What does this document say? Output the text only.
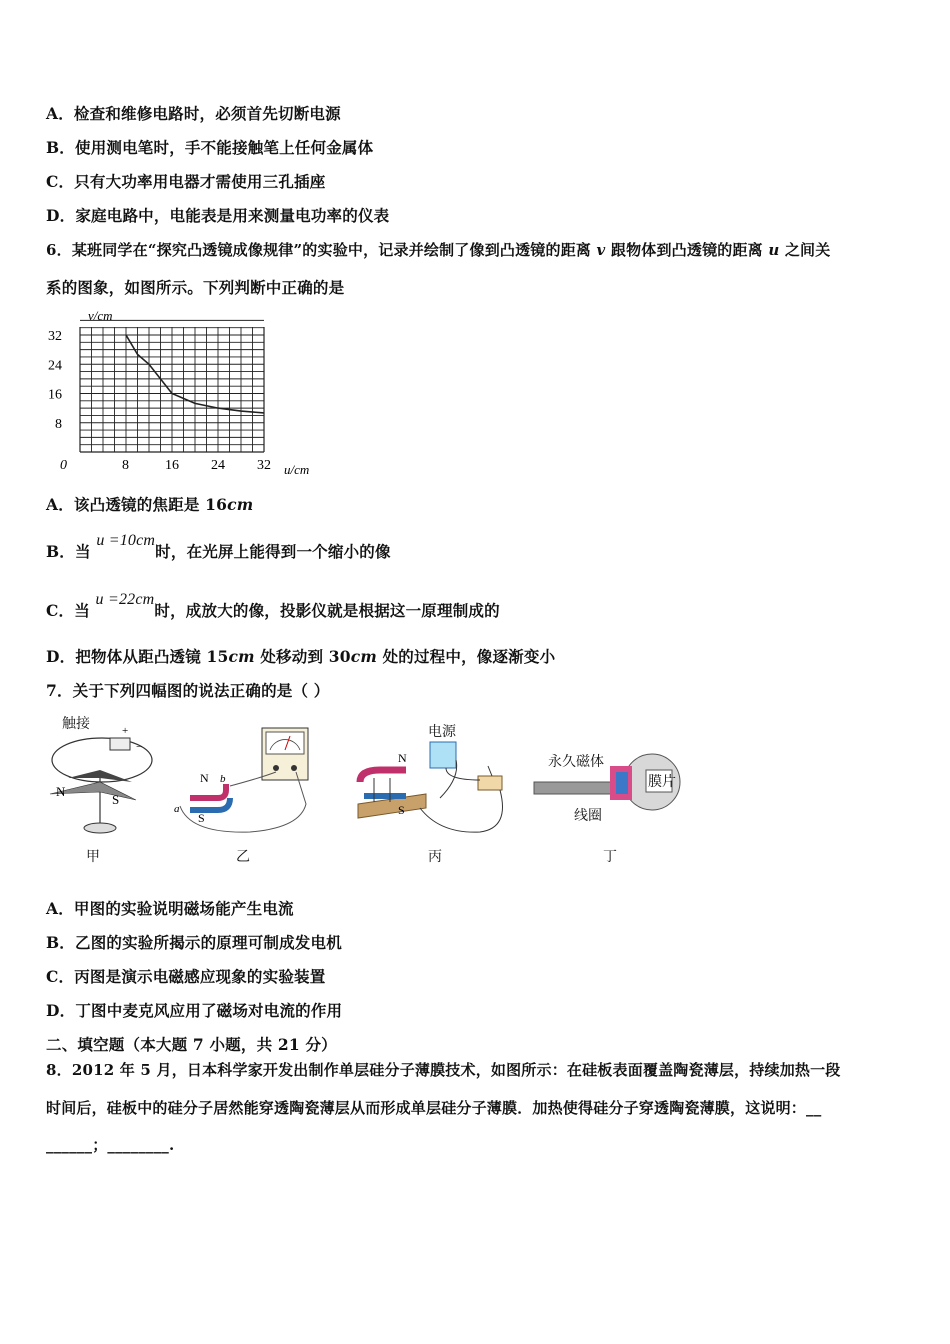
A．检查和维修电路时，必须首先切断电源
B．使用测电笔时，手不能接触笔上任何金属体
C．只有大功率用电器才需使用三孔插座
D．家庭电路中，电能表是用来测量电功率的仪表
6．某班同学在“探究凸透镜成像规律”的实验中，记录并绘制了像到凸透镜的距离 v 跟物体到凸透镜的距离 u 之间关
系的图象，如图所示。下列判断中正确的是
8	16 24 32
8
16
24
32
v/cm
u/cm
0
A．该凸透镜的焦距是 16cm
B．当 u =10cm时，在光屏上能得到一个缩小的像
C．当 u =22cm时，成放大的像，投影仪就是根据这一原理制成的
D．把物体从距凸透镜 15cm 处移动到 30cm 处的过程中，像逐渐变小
7．关于下列四幅图的说法正确的是（ ）
触接	+
−
N
S
甲
N
S
a
b
乙
电源
N
S
丙
永久磁体
线圈
膜片
丁
A．甲图的实验说明磁场能产生电流
B．乙图的实验所揭示的原理可制成发电机
C．丙图是演示电磁感应现象的实验装置
D．丁图中麦克风应用了磁场对电流的作用
二、填空题（本大题 7 小题，共 21 分）
8．2012 年 5 月，日本科学家开发出制作单层硅分子薄膜技术，如图所示：在硅板表面覆盖陶瓷薄层，持续加热一段
时间后，硅板中的硅分子居然能穿透陶瓷薄层从而形成单层硅分子薄膜．加热使得硅分子穿透陶瓷薄膜，这说明：__
______；________.
